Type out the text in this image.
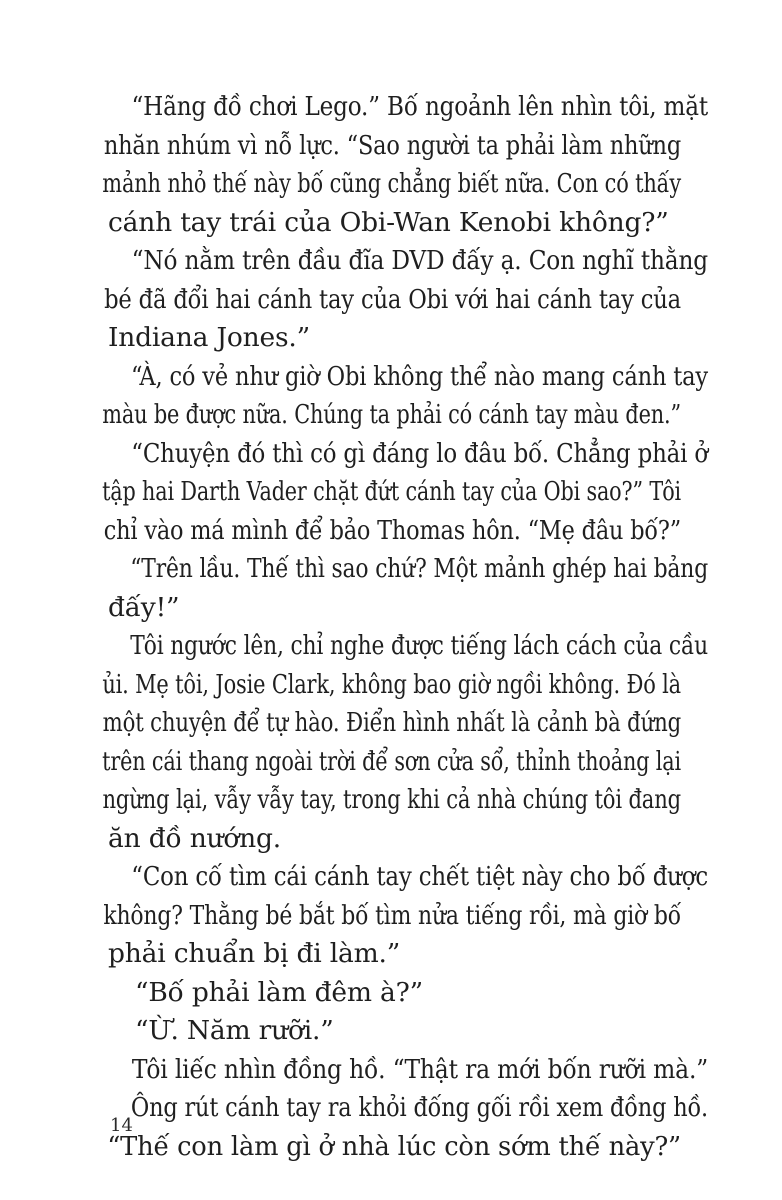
“Hãng đồ chơi Lego.” Bố ngoảnh lên nhìn tôi, mặt
nhăn nhúm vì nỗ lực. “Sao người ta phải làm những
mảnh nhỏ thế này bố cũng chẳng biết nữa. Con có thấy
cánh tay trái của Obi-Wan Kenobi không?”

“Nó nằm trên đầu đĩa DVD đấy ạ. Con nghĩ thằng
bé đã đổi hai cánh tay của Obi với hai cánh tay của
Indiana Jones.”

“À, có vẻ như giờ Obi không thể nào mang cánh tay
màu be được nữa. Chúng ta phải có cánh tay màu đen.”

“Chuyện đó thì có gì đáng lo đâu bố. Chẳng phải ở
tập hai Darth Vader chặt đứt cánh tay của Obi sao?” Tôi
chỉ vào má mình để bảo Thomas hôn. “Mẹ đâu bố?”

“Trên lầu. Thế thì sao chứ? Một mảnh ghép hai bảng
đấy!”

Tôi ngước lên, chỉ nghe được tiếng lách cách của cầu
ủi. Mẹ tôi, Josie Clark, không bao giờ ngồi không. Đó là
một chuyện để tự hào. Điển hình nhất là cảnh bà đứng
trên cái thang ngoài trời để sơn cửa sổ, thỉnh thoảng lại
ngừng lại, vẫy vẫy tay, trong khi cả nhà chúng tôi đang
ăn đồ nướng.

“Con cố tìm cái cánh tay chết tiệt này cho bố được
không? Thằng bé bắt bố tìm nửa tiếng rồi, mà giờ bố
phải chuẩn bị đi làm.”

“Bố phải làm đêm à?”

“Ừ. Năm rưỡi.”

Tôi liếc nhìn đồng hồ. “Thật ra mới bốn rưỡi mà.”

Ông rút cánh tay ra khỏi đống gối rồi xem đồng hồ.
“Thế con làm gì ở nhà lúc còn sớm thế này?”

14
